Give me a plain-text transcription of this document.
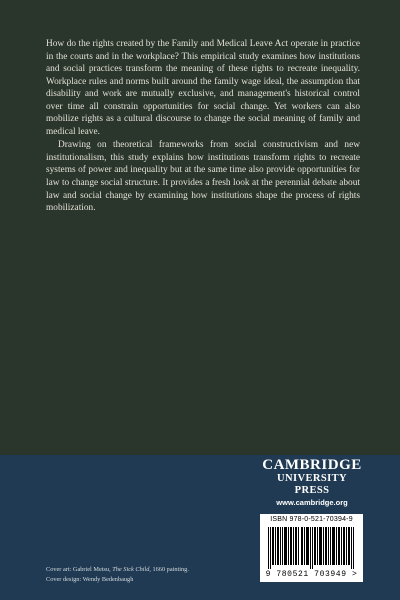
How do the rights created by the Family and Medical Leave Act operate in practice in the courts and in the workplace? This empirical study examines how institutions and social practices transform the meaning of these rights to recreate inequality. Workplace rules and norms built around the family wage ideal, the assumption that disability and work are mutually exclusive, and management's historical control over time all constrain opportunities for social change. Yet workers can also mobilize rights as a cultural discourse to change the social meaning of family and medical leave.

Drawing on theoretical frameworks from social constructivism and new institutionalism, this study explains how institutions transform rights to recreate systems of power and inequality but at the same time also provide opportunities for law to change social structure. It provides a fresh look at the perennial debate about law and social change by examining how institutions shape the process of rights mobilization.

CAMBRIDGE
UNIVERSITY PRESS
www.cambridge.org
ISBN 978-0-521-70394-9
9 780521 703949 >
Cover art: Gabriel Metsu, The Sick Child, 1660 painting.
Cover design: Wendy Bedenbaugh
